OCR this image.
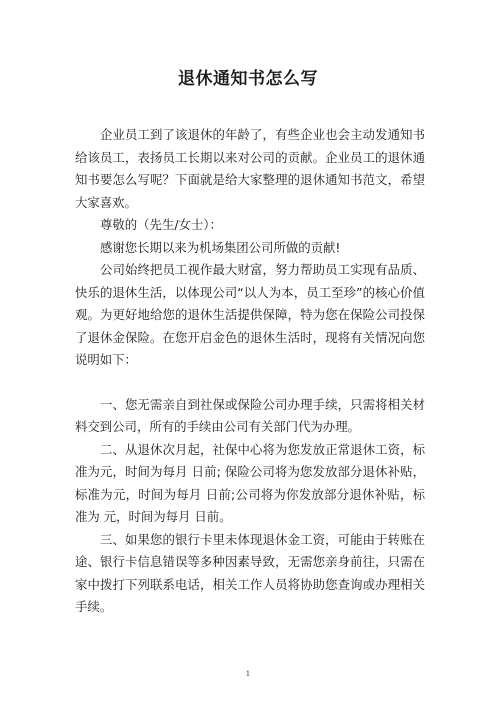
退休通知书怎么写

企业员工到了该退休的年龄了，有些企业也会主动发通知书给该员工，表扬员工长期以来对公司的贡献。企业员工的退休通知书要怎么写呢？下面就是给大家整理的退休通知书范文，希望大家喜欢。

尊敬的（先生/女士）：

感谢您长期以来为机场集团公司所做的贡献!

公司始终把员工视作最大财富，努力帮助员工实现有品质、快乐的退休生活，以体现公司“以人为本，员工至珍”的核心价值观。为更好地给您的退休生活提供保障，特为您在保险公司投保了退休金保险。在您开启金色的退休生活时，现将有关情况向您说明如下：

一、您无需亲自到社保或保险公司办理手续，只需将相关材料交到公司，所有的手续由公司有关部门代为办理。

二、从退休次月起，社保中心将为您发放正常退休工资，标准为元，时间为每月 日前; 保险公司将为您发放部分退休补贴，标准为元，时间为每月 日前;公司将为你发放部分退休补贴，标准为 元，时间为每月 日前。

三、如果您的银行卡里未体现退休金工资，可能由于转账在途、银行卡信息错误等多种因素导致，无需您亲身前往，只需在家中拨打下列联系电话，相关工作人员将协助您查询或办理相关手续。

1
